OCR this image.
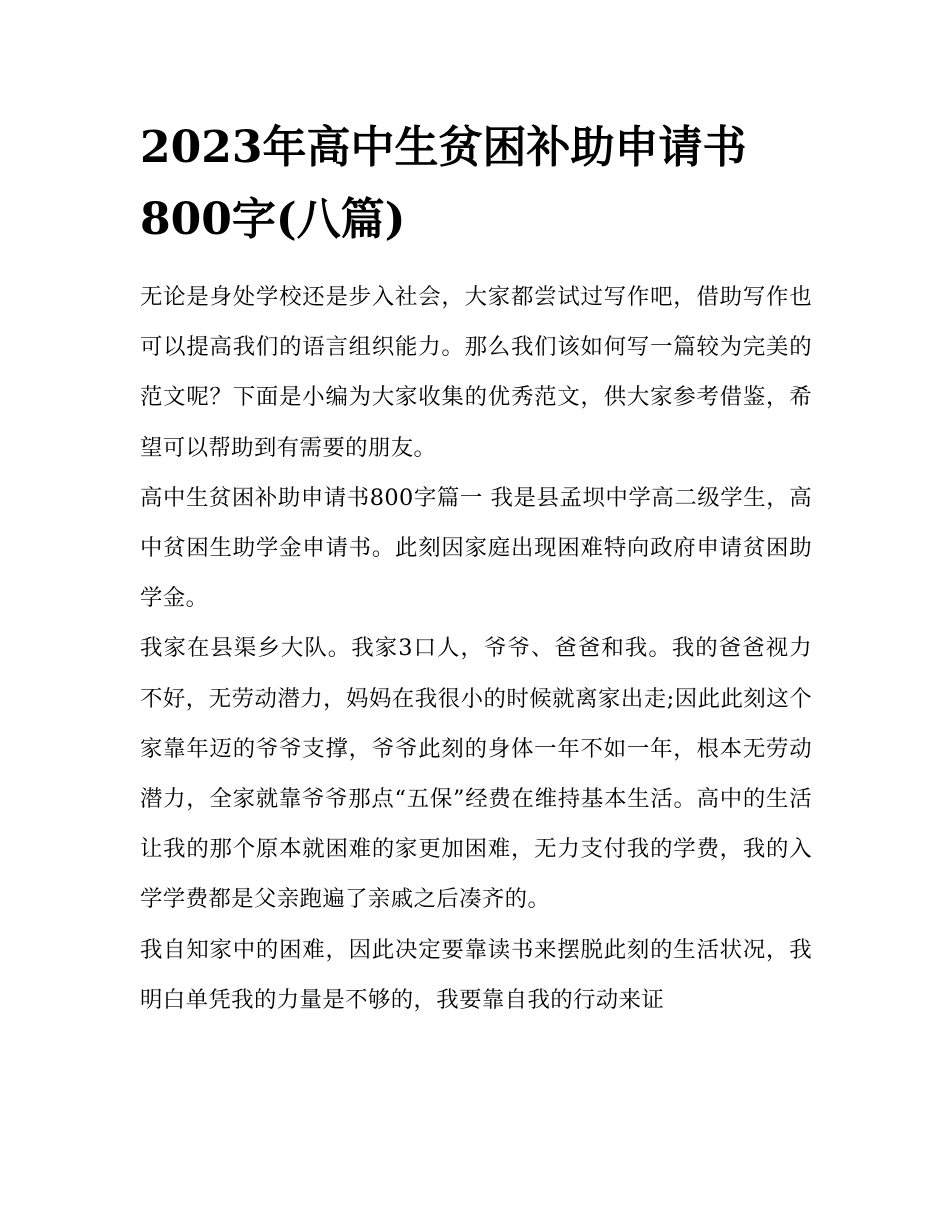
2023年高中生贫困补助申请书800字(八篇)

无论是身处学校还是步入社会，大家都尝试过写作吧，借助写作也可以提高我们的语言组织能力。那么我们该如何写一篇较为完美的范文呢？下面是小编为大家收集的优秀范文，供大家参考借鉴，希望可以帮助到有需要的朋友。

高中生贫困补助申请书800字篇一 我是县孟坝中学高二级学生，高中贫困生助学金申请书。此刻因家庭出现困难特向政府申请贫困助学金。

我家在县渠乡大队。我家3口人，爷爷、爸爸和我。我的爸爸视力不好，无劳动潜力，妈妈在我很小的时候就离家出走;因此此刻这个家靠年迈的爷爷支撑，爷爷此刻的身体一年不如一年，根本无劳动潜力，全家就靠爷爷那点“五保”经费在维持基本生活。高中的生活让我的那个原本就困难的家更加困难，无力支付我的学费，我的入学学费都是父亲跑遍了亲戚之后凑齐的。

我自知家中的困难，因此决定要靠读书来摆脱此刻的生活状况，我明白单凭我的力量是不够的，我要靠自我的行动来证
